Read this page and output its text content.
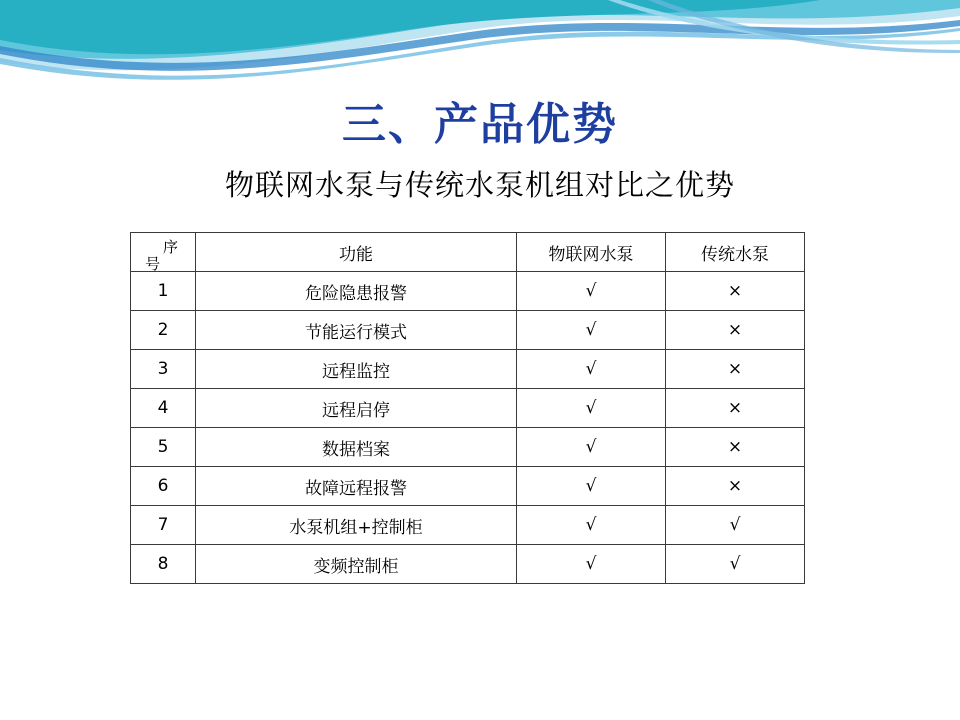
三、产品优势
物联网水泵与传统水泵机组对比之优势
序
号	功能	物联网水泵	传统水泵
1	危险隐患报警	√	×
2	节能运行模式	√	×
3	远程监控	√	×
4	远程启停	√	×
5	数据档案	√	×
6	故障远程报警	√	×
7	水泵机组+控制柜	√	√
8	变频控制柜	√	√
